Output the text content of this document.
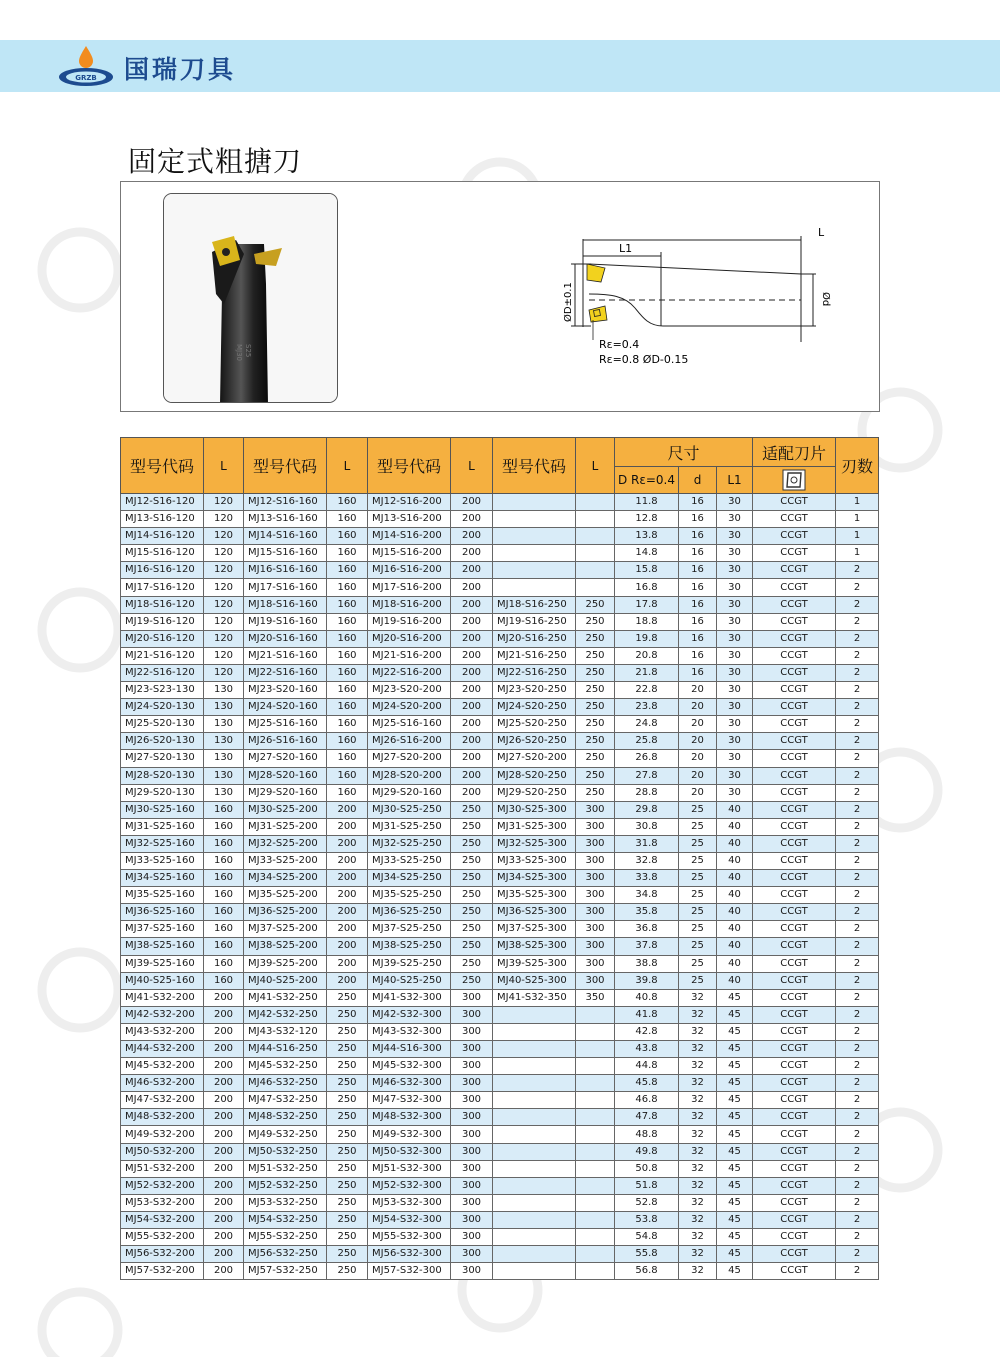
GRZB 国瑞刀具
固定式粗搪刀
MJ30 S25
L
L1
ØD±0.1	Ød
Rε=0.4
Rε=0.8 ØD-0.15
型号代码	L	型号代码	L	型号代码	L	型号代码	L	尺寸			适配刀片	刃数
								D Rε=0.4	d	L1	
MJ12-S16-120	120	MJ12-S16-160	160	MJ12-S16-200	200			11.8	16	30	CCGT	1
MJ13-S16-120	120	MJ13-S16-160	160	MJ13-S16-200	200			12.8	16	30	CCGT	1
MJ14-S16-120	120	MJ14-S16-160	160	MJ14-S16-200	200			13.8	16	30	CCGT	1
MJ15-S16-120	120	MJ15-S16-160	160	MJ15-S16-200	200			14.8	16	30	CCGT	1
MJ16-S16-120	120	MJ16-S16-160	160	MJ16-S16-200	200			15.8	16	30	CCGT	2
MJ17-S16-120	120	MJ17-S16-160	160	MJ17-S16-200	200			16.8	16	30	CCGT	2
MJ18-S16-120	120	MJ18-S16-160	160	MJ18-S16-200	200	MJ18-S16-250	250	17.8	16	30	CCGT	2
MJ19-S16-120	120	MJ19-S16-160	160	MJ19-S16-200	200	MJ19-S16-250	250	18.8	16	30	CCGT	2
MJ20-S16-120	120	MJ20-S16-160	160	MJ20-S16-200	200	MJ20-S16-250	250	19.8	16	30	CCGT	2
MJ21-S16-120	120	MJ21-S16-160	160	MJ21-S16-200	200	MJ21-S16-250	250	20.8	16	30	CCGT	2
MJ22-S16-120	120	MJ22-S16-160	160	MJ22-S16-200	200	MJ22-S16-250	250	21.8	16	30	CCGT	2
MJ23-S23-130	130	MJ23-S20-160	160	MJ23-S20-200	200	MJ23-S20-250	250	22.8	20	30	CCGT	2
MJ24-S20-130	130	MJ24-S20-160	160	MJ24-S20-200	200	MJ24-S20-250	250	23.8	20	30	CCGT	2
MJ25-S20-130	130	MJ25-S16-160	160	MJ25-S16-160	200	MJ25-S20-250	250	24.8	20	30	CCGT	2
MJ26-S20-130	130	MJ26-S16-160	160	MJ26-S16-200	200	MJ26-S20-250	250	25.8	20	30	CCGT	2
MJ27-S20-130	130	MJ27-S20-160	160	MJ27-S20-200	200	MJ27-S20-200	250	26.8	20	30	CCGT	2
MJ28-S20-130	130	MJ28-S20-160	160	MJ28-S20-200	200	MJ28-S20-250	250	27.8	20	30	CCGT	2
MJ29-S20-130	130	MJ29-S20-160	160	MJ29-S20-160	200	MJ29-S20-250	250	28.8	20	30	CCGT	2
MJ30-S25-160	160	MJ30-S25-200	200	MJ30-S25-250	250	MJ30-S25-300	300	29.8	25	40	CCGT	2
MJ31-S25-160	160	MJ31-S25-200	200	MJ31-S25-250	250	MJ31-S25-300	300	30.8	25	40	CCGT	2
MJ32-S25-160	160	MJ32-S25-200	200	MJ32-S25-250	250	MJ32-S25-300	300	31.8	25	40	CCGT	2
MJ33-S25-160	160	MJ33-S25-200	200	MJ33-S25-250	250	MJ33-S25-300	300	32.8	25	40	CCGT	2
MJ34-S25-160	160	MJ34-S25-200	200	MJ34-S25-250	250	MJ34-S25-300	300	33.8	25	40	CCGT	2
MJ35-S25-160	160	MJ35-S25-200	200	MJ35-S25-250	250	MJ35-S25-300	300	34.8	25	40	CCGT	2
MJ36-S25-160	160	MJ36-S25-200	200	MJ36-S25-250	250	MJ36-S25-300	300	35.8	25	40	CCGT	2
MJ37-S25-160	160	MJ37-S25-200	200	MJ37-S25-250	250	MJ37-S25-300	300	36.8	25	40	CCGT	2
MJ38-S25-160	160	MJ38-S25-200	200	MJ38-S25-250	250	MJ38-S25-300	300	37.8	25	40	CCGT	2
MJ39-S25-160	160	MJ39-S25-200	200	MJ39-S25-250	250	MJ39-S25-300	300	38.8	25	40	CCGT	2
MJ40-S25-160	160	MJ40-S25-200	200	MJ40-S25-250	250	MJ40-S25-300	300	39.8	25	40	CCGT	2
MJ41-S32-200	200	MJ41-S32-250	250	MJ41-S32-300	300	MJ41-S32-350	350	40.8	32	45	CCGT	2
MJ42-S32-200	200	MJ42-S32-250	250	MJ42-S32-300	300			41.8	32	45	CCGT	2
MJ43-S32-200	200	MJ43-S32-120	250	MJ43-S32-300	300			42.8	32	45	CCGT	2
MJ44-S32-200	200	MJ44-S16-250	250	MJ44-S16-300	300			43.8	32	45	CCGT	2
MJ45-S32-200	200	MJ45-S32-250	250	MJ45-S32-300	300			44.8	32	45	CCGT	2
MJ46-S32-200	200	MJ46-S32-250	250	MJ46-S32-300	300			45.8	32	45	CCGT	2
MJ47-S32-200	200	MJ47-S32-250	250	MJ47-S32-300	300			46.8	32	45	CCGT	2
MJ48-S32-200	200	MJ48-S32-250	250	MJ48-S32-300	300			47.8	32	45	CCGT	2
MJ49-S32-200	200	MJ49-S32-250	250	MJ49-S32-300	300			48.8	32	45	CCGT	2
MJ50-S32-200	200	MJ50-S32-250	250	MJ50-S32-300	300			49.8	32	45	CCGT	2
MJ51-S32-200	200	MJ51-S32-250	250	MJ51-S32-300	300			50.8	32	45	CCGT	2
MJ52-S32-200	200	MJ52-S32-250	250	MJ52-S32-300	300			51.8	32	45	CCGT	2
MJ53-S32-200	200	MJ53-S32-250	250	MJ53-S32-300	300			52.8	32	45	CCGT	2
MJ54-S32-200	200	MJ54-S32-250	250	MJ54-S32-300	300			53.8	32	45	CCGT	2
MJ55-S32-200	200	MJ55-S32-250	250	MJ55-S32-300	300			54.8	32	45	CCGT	2
MJ56-S32-200	200	MJ56-S32-250	250	MJ56-S32-300	300			55.8	32	45	CCGT	2
MJ57-S32-200	200	MJ57-S32-250	250	MJ57-S32-300	300			56.8	32	45	CCGT	2
